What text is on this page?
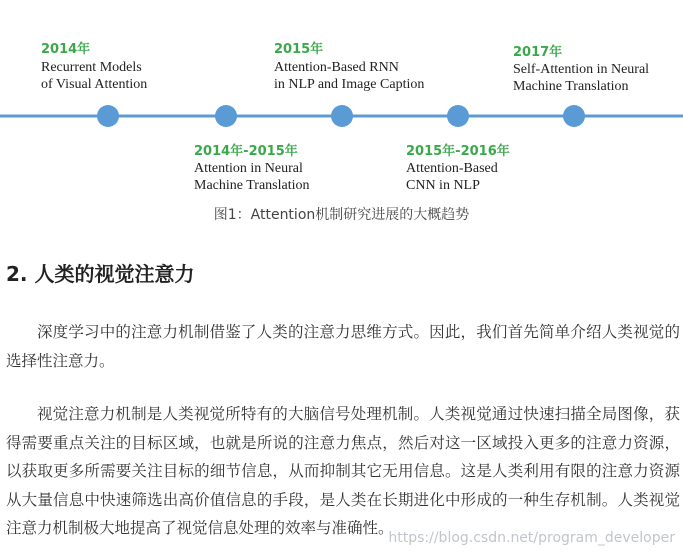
2014年
Recurrent Models
of Visual Attention
2014年-2015年
Attention in Neural
Machine Translation
2015年
Attention-Based RNN
in NLP and Image Caption
2015年-2016年
Attention-Based
CNN in NLP
2017年
Self-Attention in Neural
Machine Translation
图1：Attention机制研究进展的大概趋势
2. 人类的视觉注意力

深度学习中的注意力机制借鉴了人类的注意力思维方式。因此，我们首先简单介绍人类视觉的选择性注意力。

视觉注意力机制是人类视觉所特有的大脑信号处理机制。人类视觉通过快速扫描全局图像，获得需要重点关注的目标区域，也就是所说的注意力焦点，然后对这一区域投入更多的注意力资源，以获取更多所需要关注目标的细节信息，从而抑制其它无用信息。这是人类利用有限的注意力资源从大量信息中快速筛选出高价值信息的手段，是人类在长期进化中形成的一种生存机制。人类视觉注意力机制极大地提高了视觉信息处理的效率与准确性。

https://blog.csdn.net/program_developer
